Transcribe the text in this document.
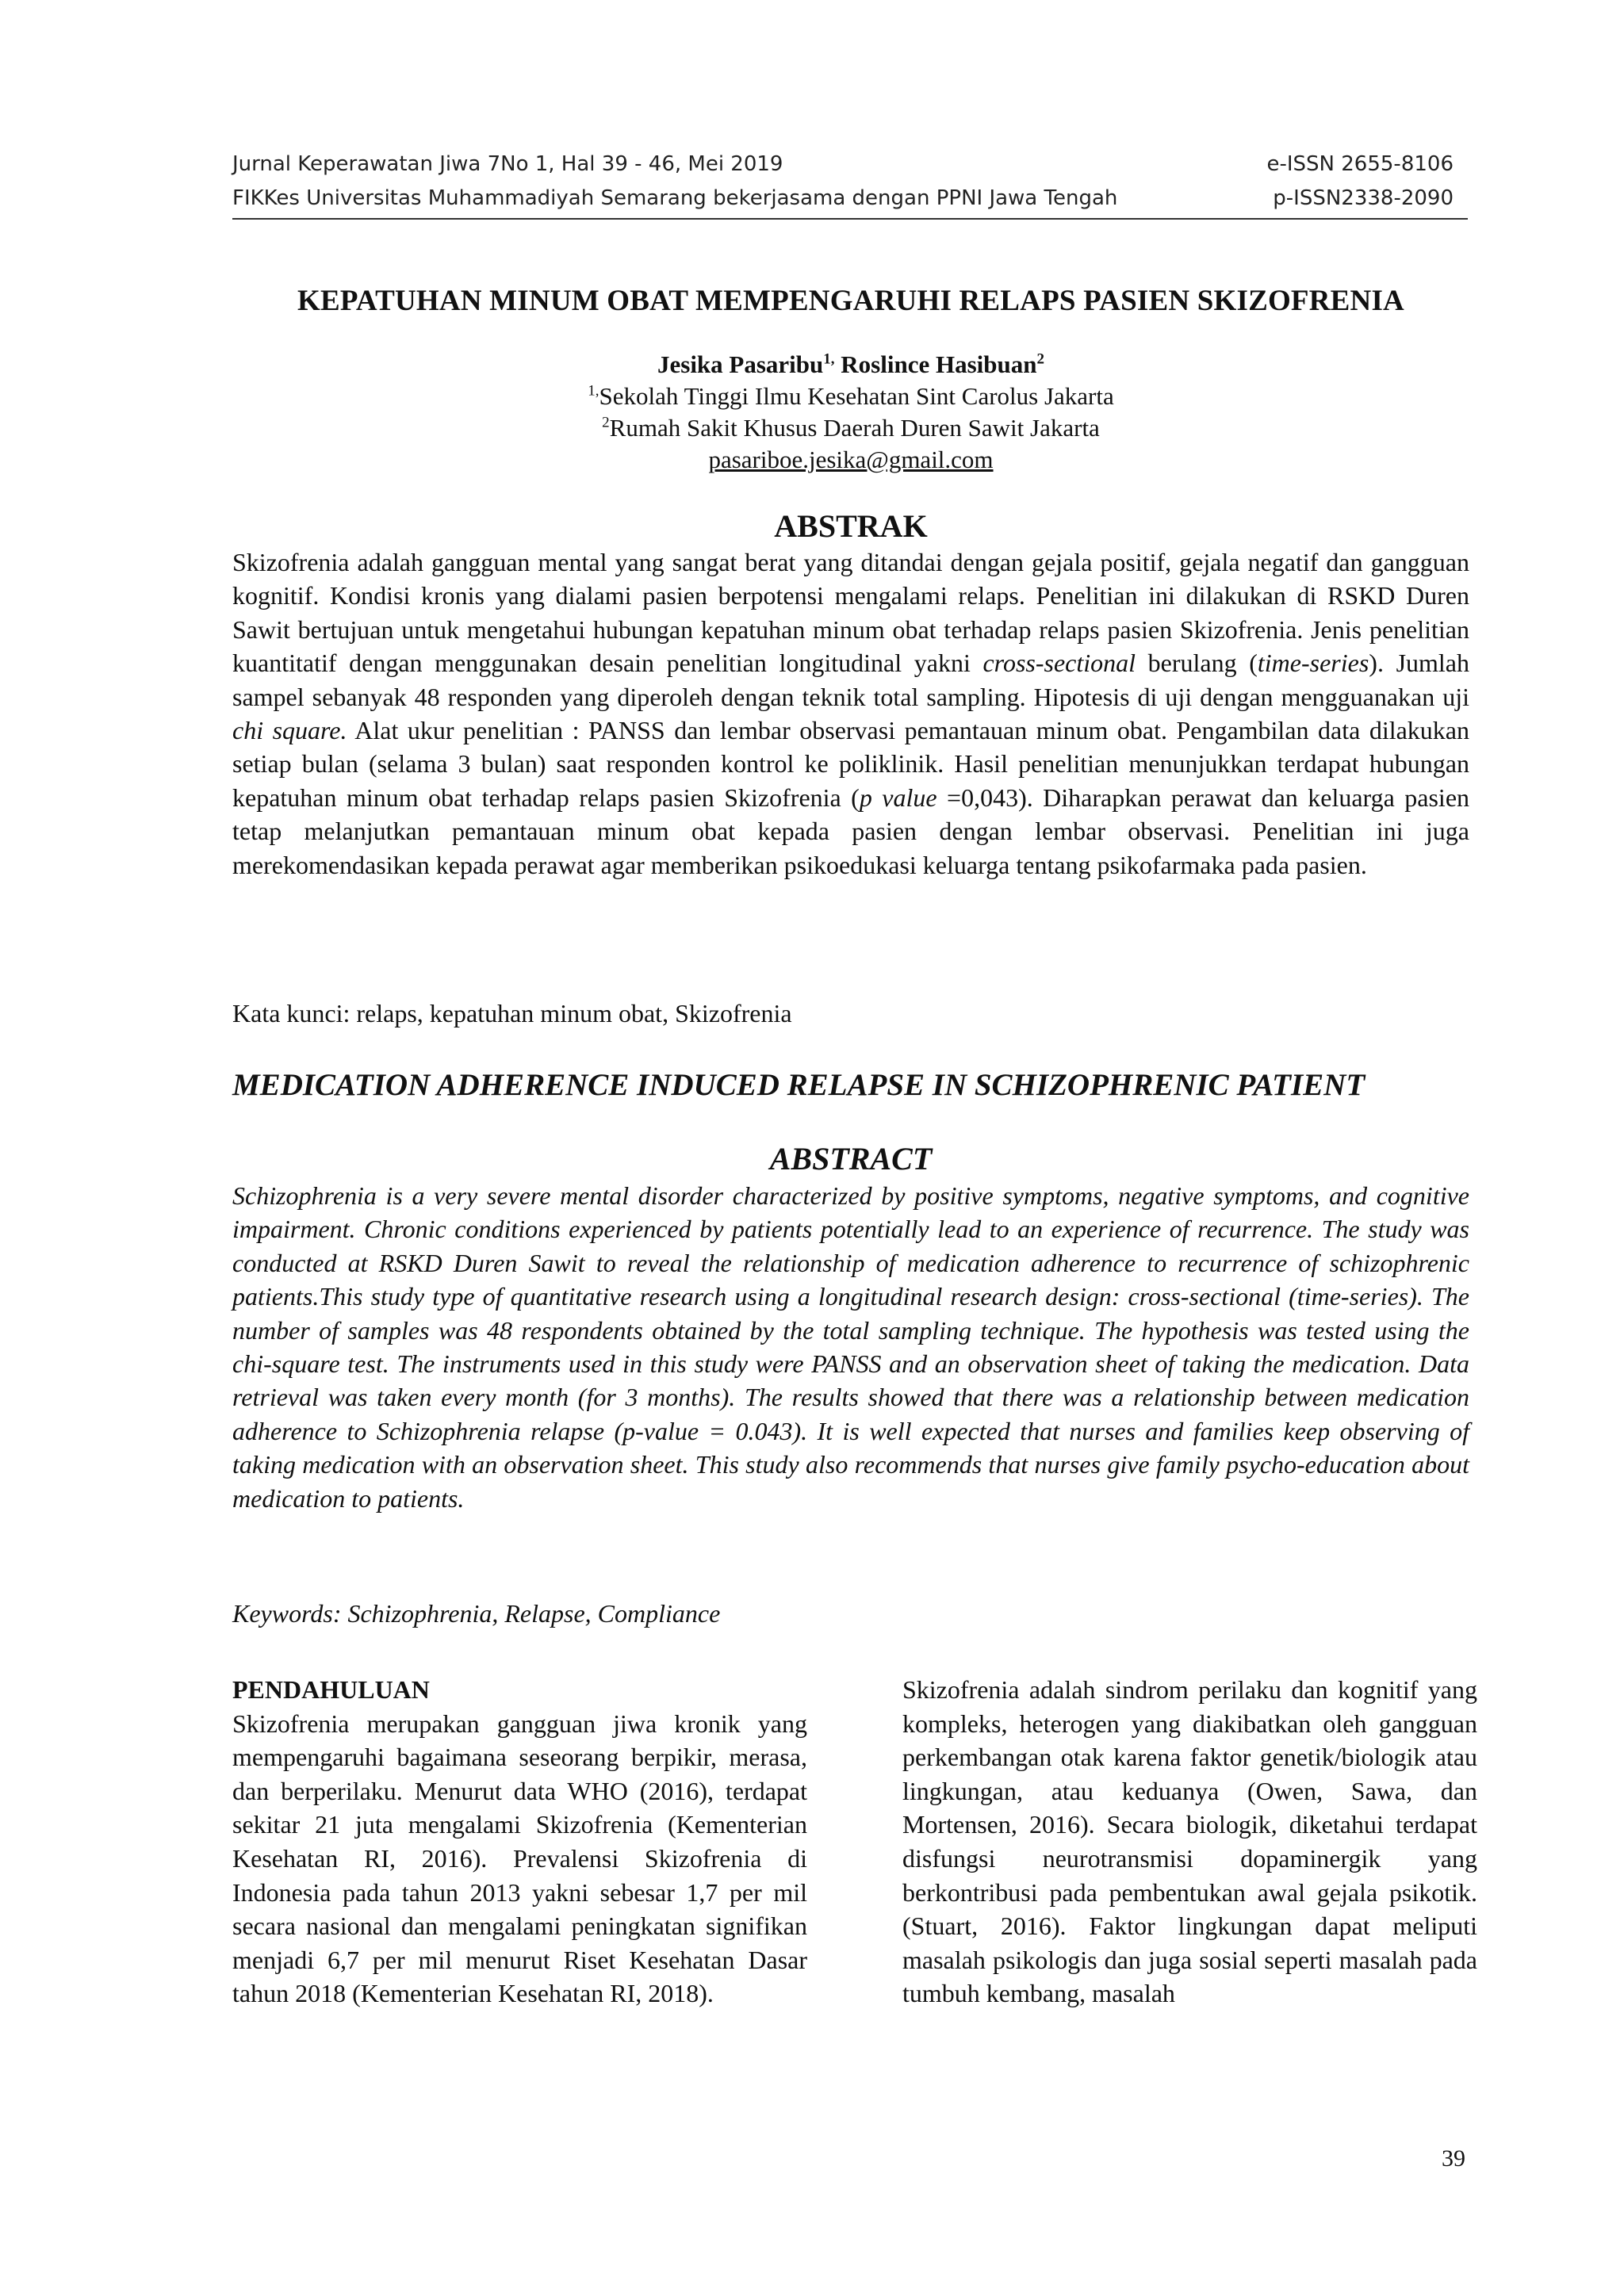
Jurnal Keperawatan Jiwa 7No 1, Hal 39 - 46, Mei 2019	e-ISSN 2655-8106
FIKKes Universitas Muhammadiyah Semarang bekerjasama dengan PPNI Jawa Tengah	p-ISSN2338-2090
KEPATUHAN MINUM OBAT MEMPENGARUHI RELAPS PASIEN SKIZOFRENIA
Jesika Pasaribu$^{1,}$ Roslince Hasibuan$^2$
$^{1,}$Sekolah Tinggi Ilmu Kesehatan Sint Carolus Jakarta
$^2$Rumah Sakit Khusus Daerah Duren Sawit Jakarta
pasariboe.jesika@gmail.com
ABSTRAK
Skizofrenia adalah gangguan mental yang sangat berat yang ditandai dengan gejala positif, gejala negatif dan gangguan kognitif. Kondisi kronis yang dialami pasien berpotensi mengalami relaps. Penelitian ini dilakukan di RSKD Duren Sawit bertujuan untuk mengetahui hubungan kepatuhan minum obat terhadap relaps pasien Skizofrenia. Jenis penelitian kuantitatif dengan menggunakan desain penelitian longitudinal yakni cross-sectional berulang (time-series). Jumlah sampel sebanyak 48 responden yang diperoleh dengan teknik total sampling. Hipotesis di uji dengan mengguanakan uji chi square. Alat ukur penelitian : PANSS dan lembar observasi pemantauan minum obat. Pengambilan data dilakukan setiap bulan (selama 3 bulan) saat responden kontrol ke poliklinik. Hasil penelitian menunjukkan terdapat hubungan kepatuhan minum obat terhadap relaps pasien Skizofrenia (p value =0,043). Diharapkan perawat dan keluarga pasien tetap melanjutkan pemantauan minum obat kepada pasien dengan lembar observasi. Penelitian ini juga merekomendasikan kepada perawat agar memberikan psikoedukasi keluarga tentang psikofarmaka pada pasien.
Kata kunci: relaps, kepatuhan minum obat, Skizofrenia
MEDICATION ADHERENCE INDUCED RELAPSE IN SCHIZOPHRENIC PATIENT
ABSTRACT
Schizophrenia is a very severe mental disorder characterized by positive symptoms, negative symptoms, and cognitive impairment. Chronic conditions experienced by patients potentially lead to an experience of recurrence. The study was conducted at RSKD Duren Sawit to reveal the relationship of medication adherence to recurrence of schizophrenic patients.This study type of quantitative research using a longitudinal research design: cross-sectional (time-series). The number of samples was 48 respondents obtained by the total sampling technique. The hypothesis was tested using the chi-square test. The instruments used in this study were PANSS and an observation sheet of taking the medication. Data retrieval was taken every month (for 3 months). The results showed that there was a relationship between medication adherence to Schizophrenia relapse (p-value = 0.043). It is well expected that nurses and families keep observing of taking medication with an observation sheet. This study also recommends that nurses give family psycho-education about medication to patients.
Keywords: Schizophrenia, Relapse, Compliance
PENDAHULUAN
Skizofrenia merupakan gangguan jiwa kronik yang mempengaruhi bagaimana seseorang berpikir, merasa, dan berperilaku. Menurut data WHO (2016), terdapat sekitar 21 juta mengalami Skizofrenia (Kementerian Kesehatan RI, 2016). Prevalensi Skizofrenia di Indonesia pada tahun 2013 yakni sebesar 1,7 per mil secara nasional dan mengalami peningkatan signifikan menjadi 6,7 per mil menurut Riset Kesehatan Dasar tahun 2018 (Kementerian Kesehatan RI, 2018).
Skizofrenia adalah sindrom perilaku dan kognitif yang kompleks, heterogen yang diakibatkan oleh gangguan perkembangan otak karena faktor genetik/biologik atau lingkungan, atau keduanya (Owen, Sawa, dan Mortensen, 2016). Secara biologik, diketahui terdapat disfungsi neurotransmisi dopaminergik yang berkontribusi pada pembentukan awal gejala psikotik. (Stuart, 2016). Faktor lingkungan dapat meliputi masalah psikologis dan juga sosial seperti masalah pada tumbuh kembang, masalah
39
